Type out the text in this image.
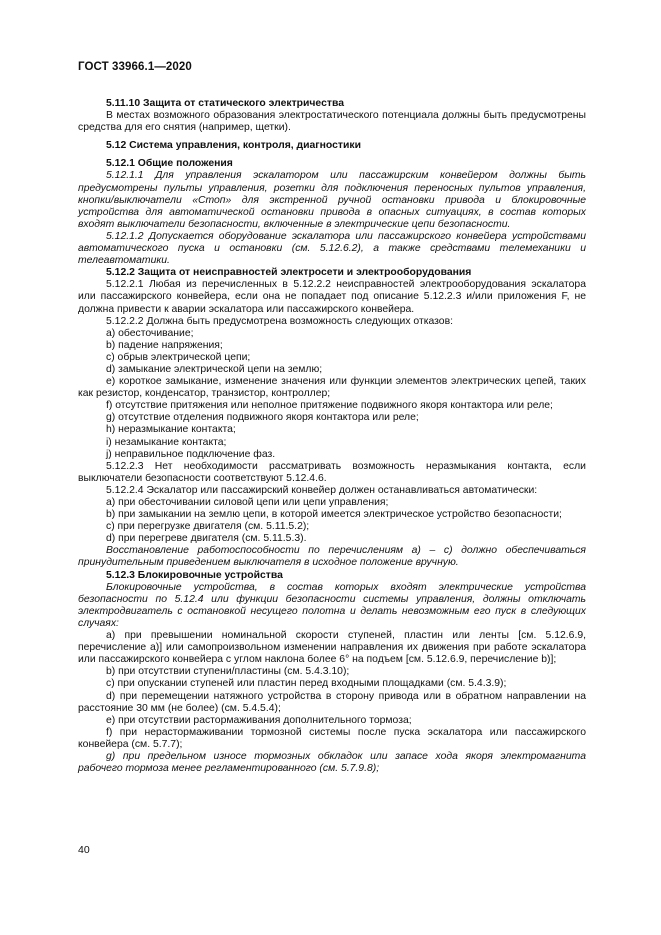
ГОСТ 33966.1—2020

5.11.10 Защита от статического электричества

В местах возможного образования электростатического потенциала должны быть предусмотрены средства для его снятия (например, щетки).

5.12 Система управления, контроля, диагностики

5.12.1 Общие положения

5.12.1.1 Для управления эскалатором или пассажирским конвейером должны быть предусмотрены пульты управления, розетки для подключения переносных пультов управления, кнопки/выключатели «Стоп» для экстренной ручной остановки привода и блокировочные устройства для автоматической остановки привода в опасных ситуациях, в состав которых входят выключатели безопасности, включенные в электрические цепи безопасности.

5.12.1.2 Допускается оборудование эскалатора или пассажирского конвейера устройствами автоматического пуска и остановки (см. 5.12.6.2), а также средствами телемеханики и телеавтоматики.

5.12.2 Защита от неисправностей электросети и электрооборудования

5.12.2.1 Любая из перечисленных в 5.12.2.2 неисправностей электрооборудования эскалатора или пассажирского конвейера, если она не попадает под описание 5.12.2.3 и/или приложения F, не должна привести к аварии эскалатора или пассажирского конвейера.

5.12.2.2 Должна быть предусмотрена возможность следующих отказов:

a) обесточивание;

b) падение напряжения;

c) обрыв электрической цепи;

d) замыкание электрической цепи на землю;

e) короткое замыкание, изменение значения или функции элементов электрических цепей, таких как резистор, конденсатор, транзистор, контроллер;

f) отсутствие притяжения или неполное притяжение подвижного якоря контактора или реле;

g) отсутствие отделения подвижного якоря контактора или реле;

h) неразмыкание контакта;

i) незамыкание контакта;

j) неправильное подключение фаз.

5.12.2.3 Нет необходимости рассматривать возможность неразмыкания контакта, если выключатели безопасности соответствуют 5.12.4.6.

5.12.2.4 Эскалатор или пассажирский конвейер должен останавливаться автоматически:

a) при обесточивании силовой цепи или цепи управления;

b) при замыкании на землю цепи, в которой имеется электрическое устройство безопасности;

c) при перегрузке двигателя (см. 5.11.5.2);

d) при перегреве двигателя (см. 5.11.5.3).

Восстановление работоспособности по перечислениям a) – c) должно обеспечиваться принудительным приведением выключателя в исходное положение вручную.

5.12.3 Блокировочные устройства

Блокировочные устройства, в состав которых входят электрические устройства безопасности по 5.12.4 или функции безопасности системы управления, должны отключать электродвигатель с остановкой несущего полотна и делать невозможным его пуск в следующих случаях:

a) при превышении номинальной скорости ступеней, пластин или ленты [см. 5.12.6.9, перечисление a)] или самопроизвольном изменении направления их движения при работе эскалатора или пассажирского конвейера с углом наклона более 6° на подъем [см. 5.12.6.9, перечисление b)];

b) при отсутствии ступени/пластины (см. 5.4.3.10);

c) при опускании ступеней или пластин перед входными площадками (см. 5.4.3.9);

d) при перемещении натяжного устройства в сторону привода или в обратном направлении на расстояние 30 мм (не более) (см. 5.4.5.4);

e) при отсутствии растормаживания дополнительного тормоза;

f) при нерастормаживании тормозной системы после пуска эскалатора или пассажирского конвейера (см. 5.7.7);

g) при предельном износе тормозных обкладок или запасе хода якоря электромагнита рабочего тормоза менее регламентированного (см. 5.7.9.8);

40
